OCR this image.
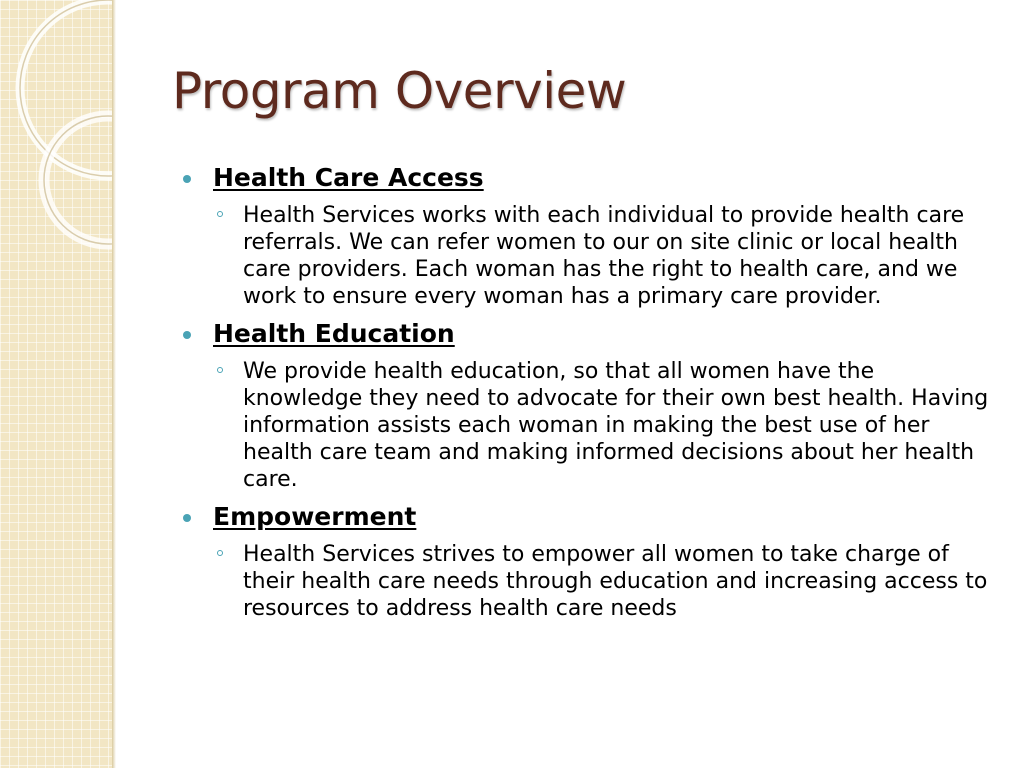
Program Overview
Health Care Access
Health Services works with each individual to provide health care referrals. We can refer women to our on site clinic or local health care providers. Each woman has the right to health care, and we work to ensure every woman has a primary care provider.
Health Education
We provide health education, so that all women have the knowledge they need to advocate for their own best health. Having information assists each woman in making the best use of her health care team and making informed decisions about her health care.
Empowerment
Health Services strives to empower all women to take charge of their health care needs through education and increasing access to resources to address health care needs
